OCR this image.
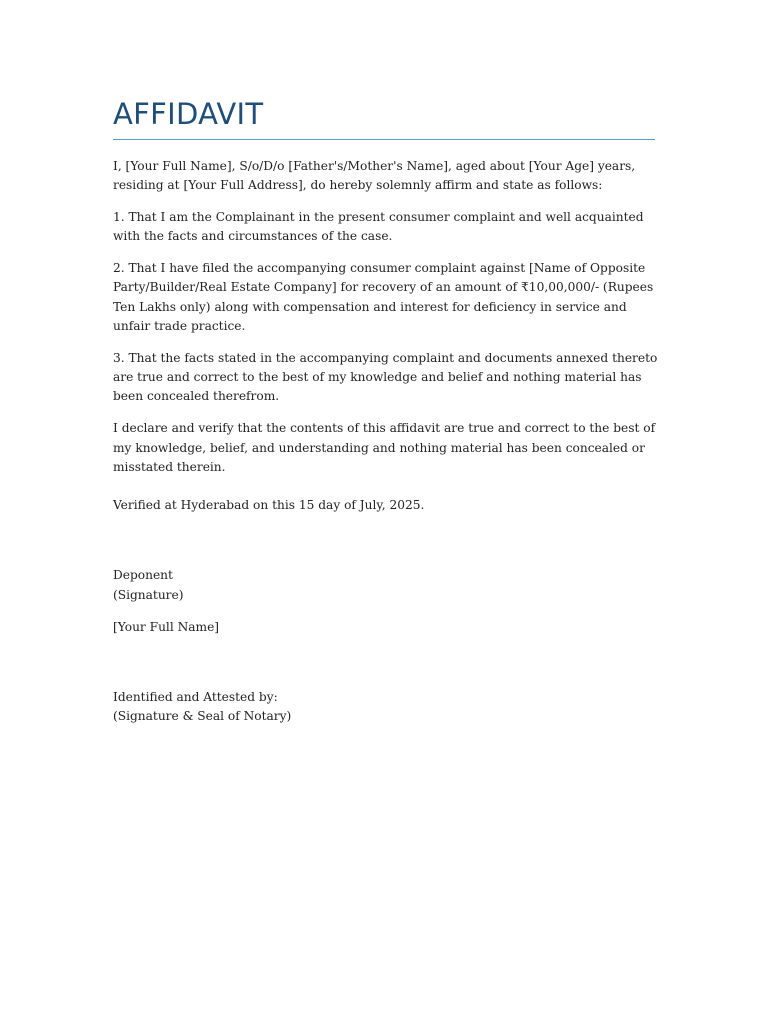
AFFIDAVIT

I, [Your Full Name], S/o/D/o [Father's/Mother's Name], aged about [Your Age] years, residing at [Your Full Address], do hereby solemnly affirm and state as follows:

1. That I am the Complainant in the present consumer complaint and well acquainted with the facts and circumstances of the case.

2. That I have filed the accompanying consumer complaint against [Name of Opposite Party/Builder/Real Estate Company] for recovery of an amount of ₹10,00,000/- (Rupees Ten Lakhs only) along with compensation and interest for deficiency in service and unfair trade practice.

3. That the facts stated in the accompanying complaint and documents annexed thereto are true and correct to the best of my knowledge and belief and nothing material has been concealed therefrom.

I declare and verify that the contents of this affidavit are true and correct to the best of my knowledge, belief, and understanding and nothing material has been concealed or misstated therein.

Verified at Hyderabad on this 15 day of July, 2025.

Deponent
(Signature)

[Your Full Name]

Identified and Attested by:
(Signature & Seal of Notary)
